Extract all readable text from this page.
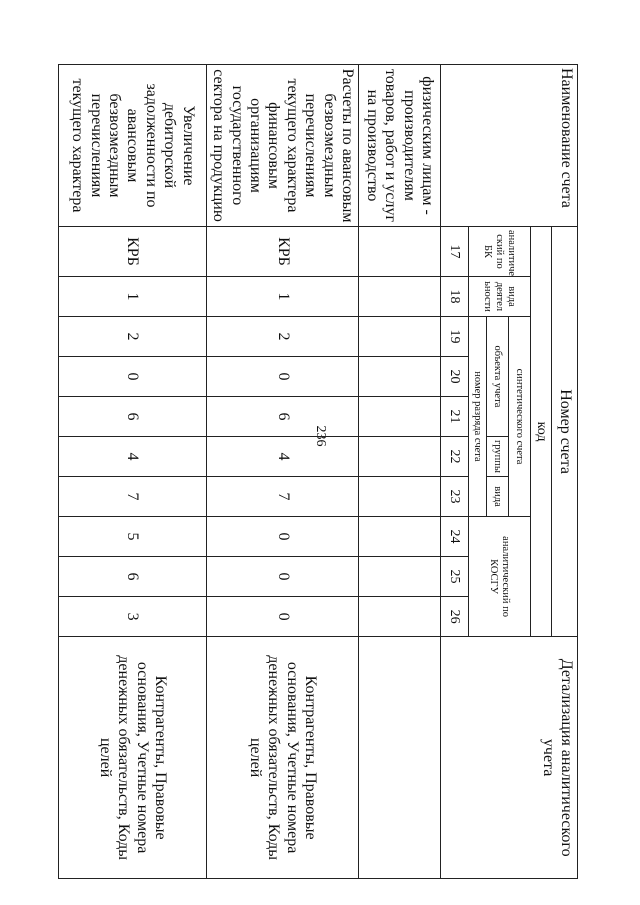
236
Наименование счета	Номер счета										Детализация аналитического учета
	код										
	аналитиче ский по БК	вида деятел ьности	синтетического счета					аналитический по КОСГУ			
			объекта учета			группы	вида				
			номер разряда счета								
	17	18	19	20	21	22	23	24	25	26	
физическим лицам - производителям товаров, работ и услуг на производство											
Расчеты по авансовым безвозмездным перечислениям текущего характера финансовым организациям государственного сектора на продукцию	КРБ	1	2	0	6	4	7	0	0	0	Контрагенты, Правовые основания, Учетные номера денежных обязательств, Коды целей
Увеличение дебиторской задолженности по авансовым безвозмездным перечислениям текущего характера	КРБ	1	2	0	6	4	7	5	6	3	Контрагенты, Правовые основания, Учетные номера денежных обязательств, Коды целей
